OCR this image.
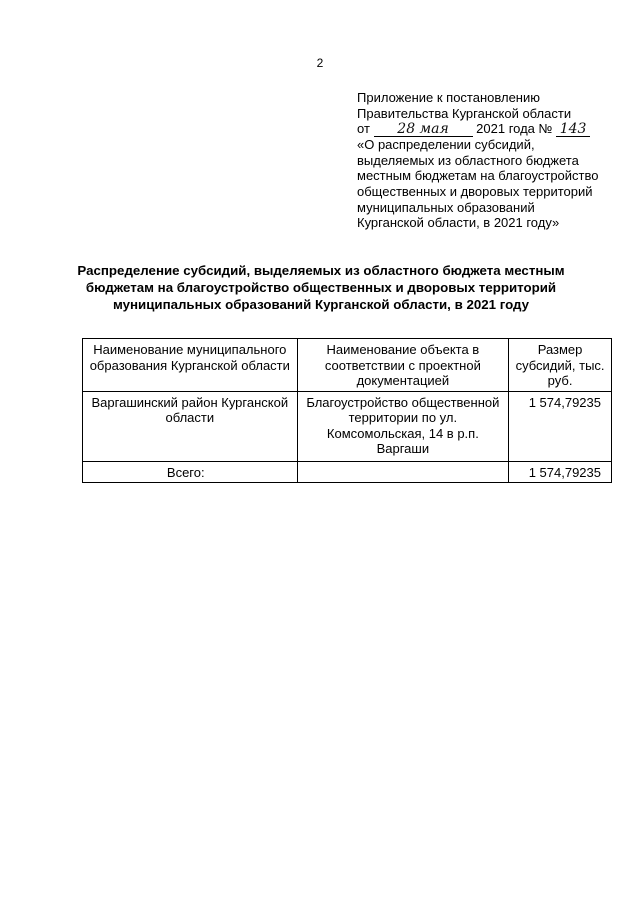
2
Приложение к постановлению
Правительства Курганской области
от 28 мая 2021 года № 143
«О распределении субсидий,
выделяемых из областного бюджета
местным бюджетам на благоустройство
общественных и дворовых территорий
муниципальных образований
Курганской области, в 2021 году»
Распределение субсидий, выделяемых из областного бюджета местным
бюджетам на благоустройство общественных и дворовых территорий
муниципальных образований Курганской области, в 2021 году
Наименование муниципального образования Курганской области	Наименование объекта в соответствии с проектной документацией	Размер субсидий, тыс. руб.
Варгашинский район Курганской области	Благоустройство общественной территории по ул. Комсомольская, 14 в р.п. Варгаши	1 574,79235
Всего:		1 574,79235
